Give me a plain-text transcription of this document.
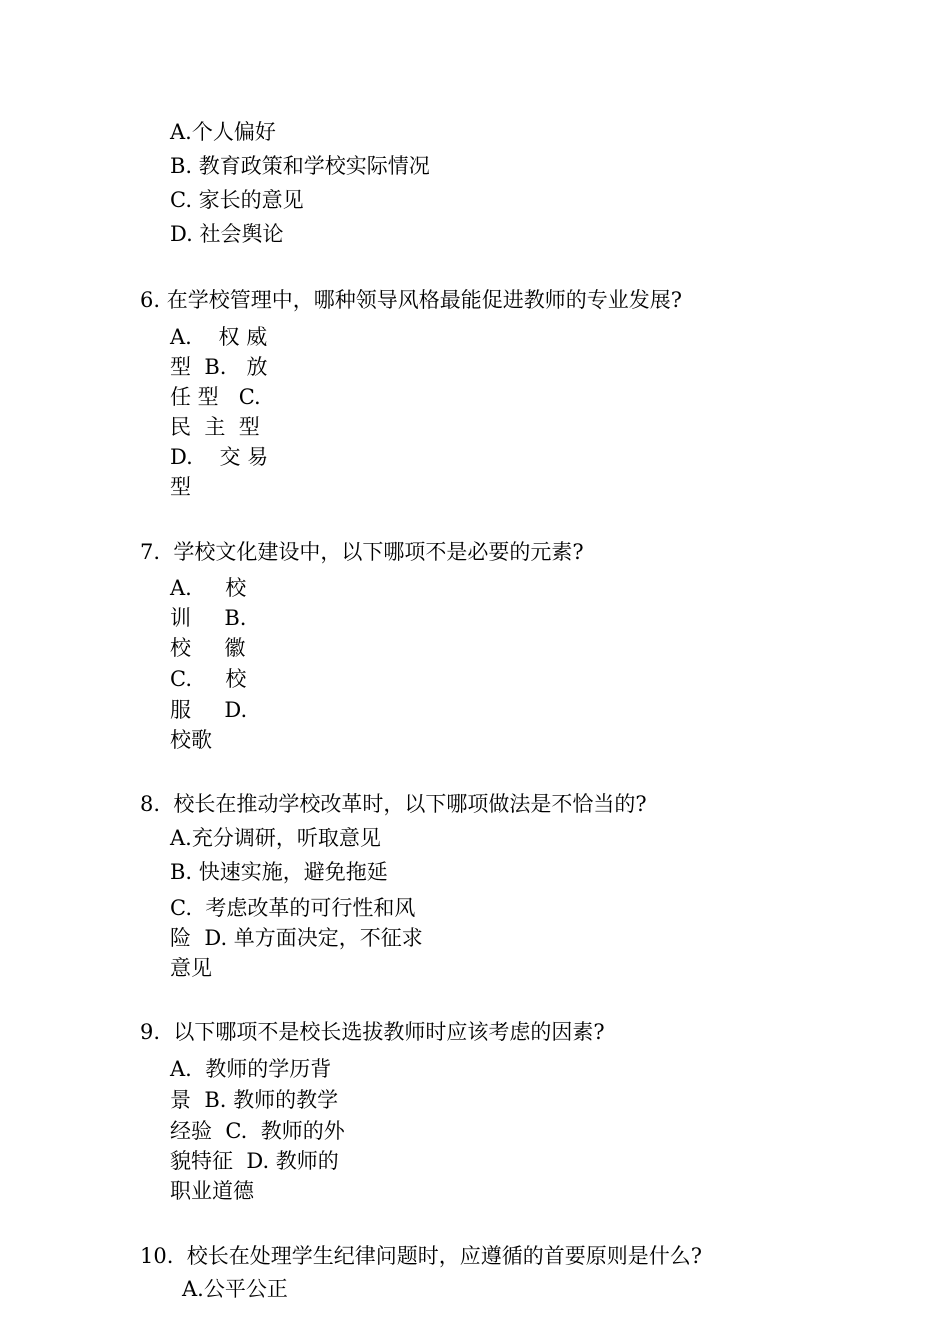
A.个人偏好
B. 教育政策和学校实际情况
C. 家长的意见
D. 社会舆论
6. 在学校管理中，哪种领导风格最能促进教师的专业发展?
A.    权 威
型  B.   放
任 型   C.
民  主  型
D.    交 易
型
7.  学校文化建设中，以下哪项不是必要的元素?
A.     校
训     B.
校     徽
C.     校
服     D.
校歌
8.  校长在推动学校改革时，以下哪项做法是不恰当的?
A.充分调研，听取意见
B. 快速实施，避免拖延
C.  考虑改革的可行性和风
险  D. 单方面决定，不征求
意见
9.  以下哪项不是校长选拔教师时应该考虑的因素?
A.  教师的学历背
景  B. 教师的教学
经验  C.  教师的外
貌特征  D. 教师的
职业道德
10.  校长在处理学生纪律问题时，应遵循的首要原则是什么?
A.公平公正
